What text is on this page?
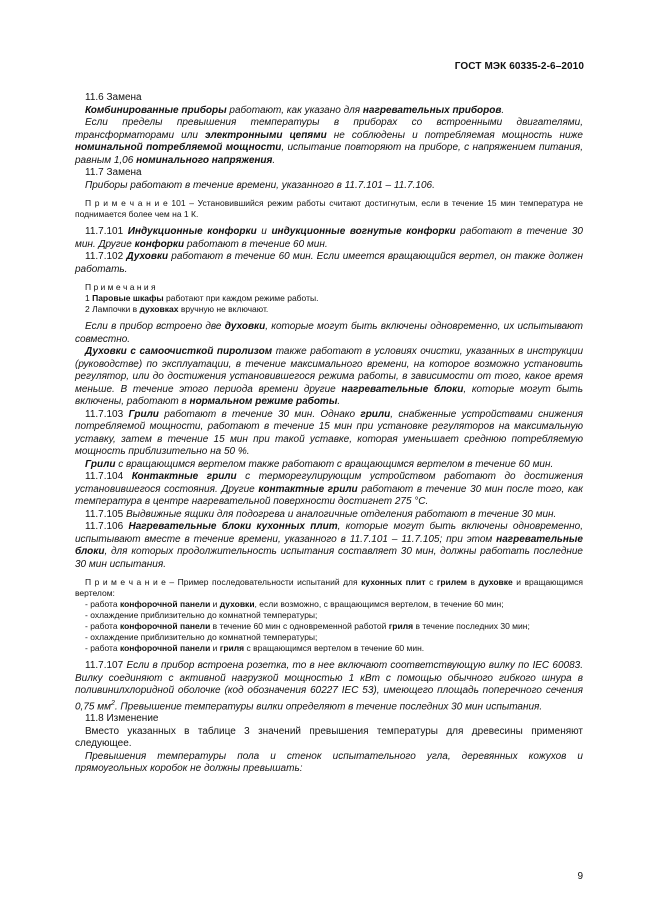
ГОСТ МЭК 60335-2-6–2010

11.6 Замена

Комбинированные приборы работают, как указано для нагревательных приборов.

Если пределы превышения температуры в приборах со встроенными двигателями, трансформаторами или электронными цепями не соблюдены и потребляемая мощность ниже номинальной потребляемой мощности, испытание повторяют на приборе, с напряжением питания, равным 1,06 номинального напряжения.

11.7 Замена

Приборы работают в течение времени, указанного в 11.7.101 – 11.7.106.

П р и м е ч а н и е 101 – Установившийся режим работы считают достигнутым, если в течение 15 мин температура не поднимается более чем на 1 К.

11.7.101 Индукционные конфорки и индукционные вогнутые конфорки работают в течение 30 мин. Другие конфорки работают в течение 60 мин.

11.7.102 Духовки работают в течение 60 мин. Если имеется вращающийся вертел, он также должен работать.

П р и м е ч а н и я

1 Паровые шкафы работают при каждом режиме работы.

2 Лампочки в духовках вручную не включают.

Если в прибор встроено две духовки, которые могут быть включены одновременно, их испытывают совместно.

Духовки с самоочисткой пиролизом также работают в условиях очистки, указанных в инструкции (руководстве) по эксплуатации, в течение максимального времени, на которое возможно установить регулятор, или до достижения установившегося режима работы, в зависимости от того, какое время меньше. В течение этого периода времени другие нагревательные блоки, которые могут быть включены, работают в нормальном режиме работы.

11.7.103 Грили работают в течение 30 мин. Однако грили, снабженные устройствами снижения потребляемой мощности, работают в течение 15 мин при установке регуляторов на максимальную уставку, затем в течение 15 мин при такой уставке, которая уменьшает среднюю потребляемую мощность приблизительно на 50 %.

Грили с вращающимся вертелом также работают с вращающимся вертелом в течение 60 мин.

11.7.104 Контактные грили с терморегулирующим устройством работают до достижения установившегося состояния. Другие контактные грили работают в течение 30 мин после того, как температура в центре нагревательной поверхности достигнет 275 °С.

11.7.105 Выдвижные ящики для подогрева и аналогичные отделения работают в течение 30 мин.

11.7.106 Нагревательные блоки кухонных плит, которые могут быть включены одновременно, испытывают вместе в течение времени, указанного в 11.7.101 – 11.7.105; при этом нагревательные блоки, для которых продолжительность испытания составляет 30 мин, должны работать последние 30 мин испытания.

П р и м е ч а н и е – Пример последовательности испытаний для кухонных плит с грилем в духовке и вращающимся вертелом:

- работа конфорочной панели и духовки, если возможно, с вращающимся вертелом, в течение 60 мин;

- охлаждение приблизительно до комнатной температуры;

- работа конфорочной панели в течение 60 мин с одновременной работой гриля в течение последних 30 мин;

- охлаждение приблизительно до комнатной температуры;

- работа конфорочной панели и гриля с вращающимся вертелом в течение 60 мин.

11.7.107 Если в прибор встроена розетка, то в нее включают соответствующую вилку по IEC 60083. Вилку соединяют с активной нагрузкой мощностью 1 кВт с помощью обычного гибкого шнура в поливинилхлоридной оболочке (код обозначения 60227 IEC 53), имеющего площадь поперечного сечения 0,75 $мм^2$. Превышение температуры вилки определяют в течение последних 30 мин испытания.

11.8 Изменение

Вместо указанных в таблице 3 значений превышения температуры для древесины применяют следующее.

Превышения температуры пола и стенок испытательного угла, деревянных кожухов и прямоугольных коробок не должны превышать:

9
